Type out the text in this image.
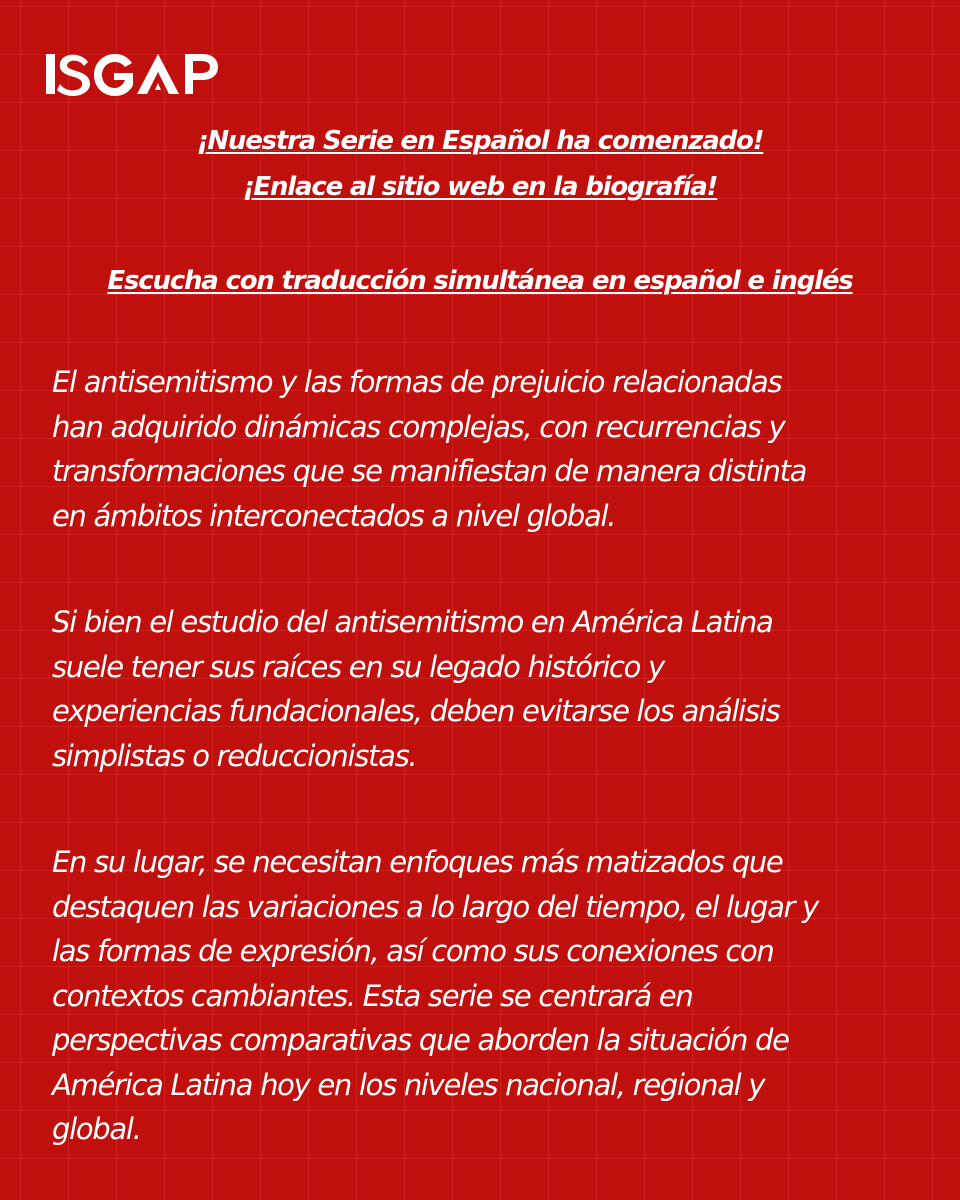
¡Nuestra Serie en Español ha comenzado!

¡Enlace al sitio web en la biografía!

Escucha con traducción simultánea en español e inglés

El antisemitismo y las formas de prejuicio relacionadas
han adquirido dinámicas complejas, con recurrencias y
transformaciones que se manifiestan de manera distinta
en ámbitos interconectados a nivel global.
Si bien el estudio del antisemitismo en América Latina
suele tener sus raíces en su legado histórico y
experiencias fundacionales, deben evitarse los análisis
simplistas o reduccionistas.
En su lugar, se necesitan enfoques más matizados que
destaquen las variaciones a lo largo del tiempo, el lugar y
las formas de expresión, así como sus conexiones con
contextos cambiantes. Esta serie se centrará en
perspectivas comparativas que aborden la situación de
América Latina hoy en los niveles nacional, regional y
global.
